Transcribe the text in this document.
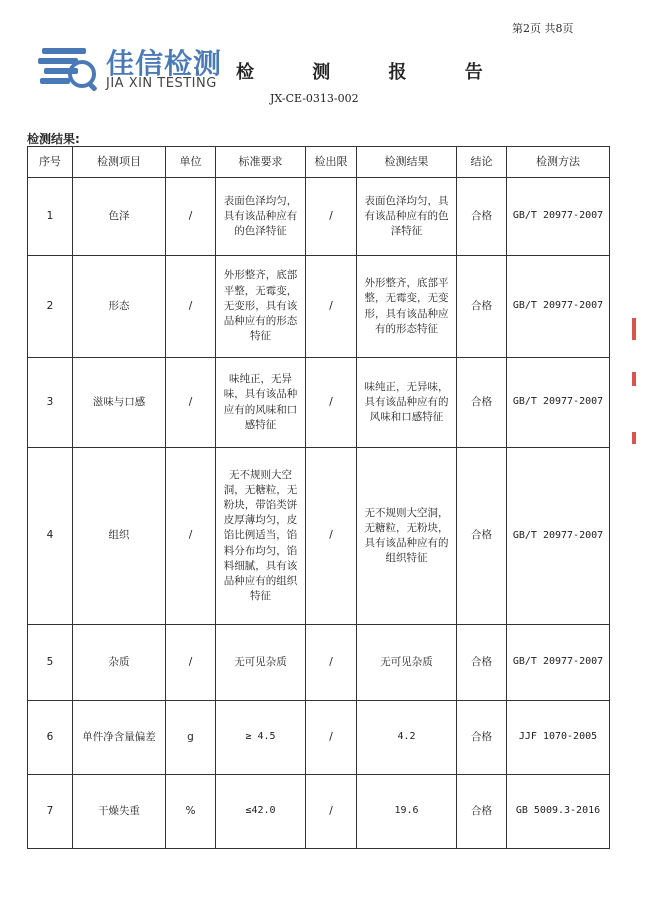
第2页 共8页
佳信检测
JIA XIN TESTING
检 测 报 告
JX-CE-0313-002
检测结果:
序号	检测项目	单位	标准要求	检出限	检测结果	结论	检测方法
1	色泽	/	表面色泽均匀，具有该品种应有的色泽特征	/	表面色泽均匀，具有该品种应有的色泽特征	合格	GB/T 20977-2007
2	形态	/	外形整齐，底部平整，无霉变，无变形，具有该品种应有的形态特征	/	外形整齐，底部平整，无霉变，无变形，具有该品种应有的形态特征	合格	GB/T 20977-2007
3	滋味与口感	/	味纯正，无异味，具有该品种应有的风味和口感特征	/	味纯正，无异味，具有该品种应有的风味和口感特征	合格	GB/T 20977-2007
4	组织	/	无不规则大空洞，无糖粒，无粉块，带馅类饼皮厚薄均匀，皮馅比例适当，馅料分布均匀，馅料细腻，具有该品种应有的组织特征	/	无不规则大空洞，无糖粒，无粉块，具有该品种应有的组织特征	合格	GB/T 20977-2007
5	杂质	/	无可见杂质	/	无可见杂质	合格	GB/T 20977-2007
6	单件净含量偏差	g	≥ 4.5	/	4.2	合格	JJF 1070-2005
7	干燥失重	%	≤42.0	/	19.6	合格	GB 5009.3-2016
